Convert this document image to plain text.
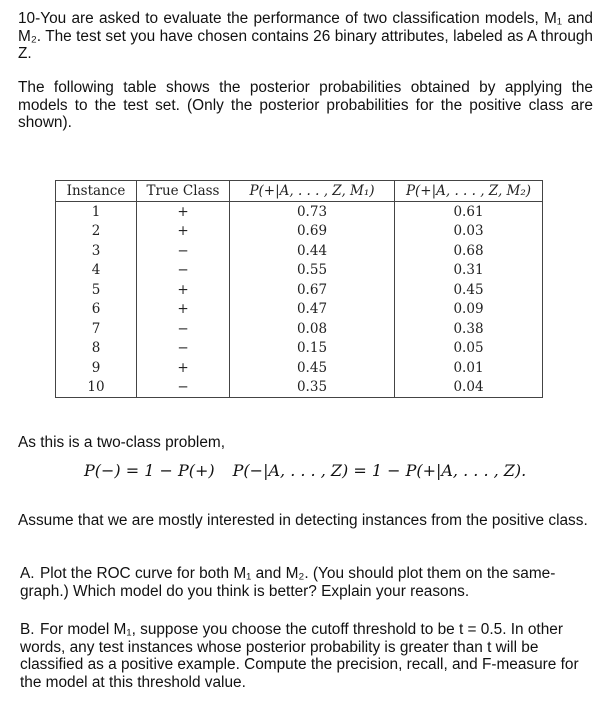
10-You are asked to evaluate the performance of two classification models, M₁ and M₂. The test set you have chosen contains 26 binary attributes, labeled as A through Z.

The following table shows the posterior probabilities obtained by applying the models to the test set. (Only the posterior probabilities for the positive class are shown).

Instance	True Class	P(+|A, . . . , Z, M₁)	P(+|A, . . . , Z, M₂)
1	+	0.73	0.61
2	+	0.69	0.03
3	−	0.44	0.68
4	−	0.55	0.31
5	+	0.67	0.45
6	+	0.47	0.09
7	−	0.08	0.38
8	−	0.15	0.05
9	+	0.45	0.01
10	−	0.35	0.04

As this is a two-class problem,

P(−) = 1 − P(+) P(−|A, . . . , Z) = 1 − P(+|A, . . . , Z).

Assume that we are mostly interested in detecting instances from the positive class.

A. Plot the ROC curve for both M₁ and M₂. (You should plot them on the same-graph.) Which model do you think is better? Explain your reasons.
B. For model M₁, suppose you choose the cutoff threshold to be t = 0.5. In other words, any test instances whose posterior probability is greater than t will be classified as a positive example. Compute the precision, recall, and F-measure for the model at this threshold value.
